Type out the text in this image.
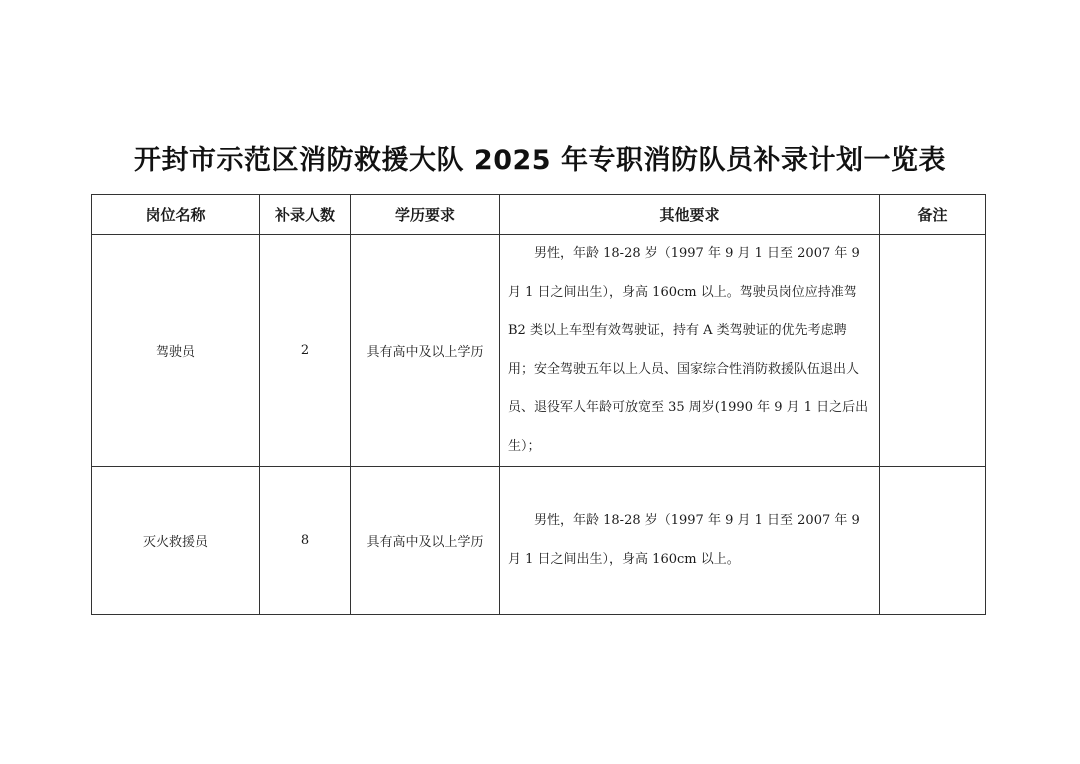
开封市示范区消防救援大队 2025 年专职消防队员补录计划一览表
岗位名称	补录人数	学历要求	其他要求	备注
驾驶员	2	具有高中及以上学历	男性，年龄 18-28 岁（1997 年 9 月 1 日至 2007 年 9 月 1 日之间出生），身高 160cm 以上。驾驶员岗位应持准驾 B2 类以上车型有效驾驶证，持有 A 类驾驶证的优先考虑聘用；安全驾驶五年以上人员、国家综合性消防救援队伍退出人员、退役军人年龄可放宽至 35 周岁(1990 年 9 月 1 日之后出生）；	

灭火救援员	8	具有高中及以上学历	男性，年龄 18-28 岁（1997 年 9 月 1 日至 2007 年 9 月 1 日之间出生），身高 160cm 以上。	
